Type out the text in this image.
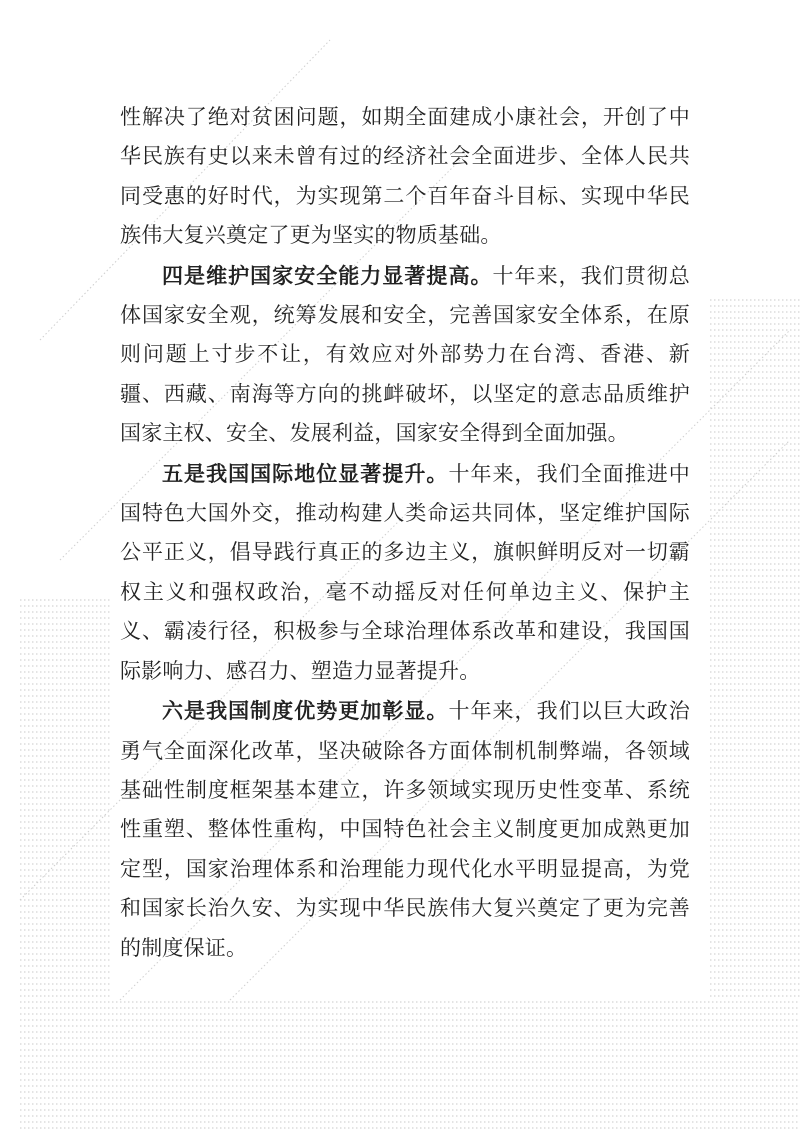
性解决了绝对贫困问题，如期全面建成小康社会，开创了中华民族有史以来未曾有过的经济社会全面进步、全体人民共同受惠的好时代，为实现第二个百年奋斗目标、实现中华民族伟大复兴奠定了更为坚实的物质基础。

四是维护国家安全能力显著提高。十年来，我们贯彻总体国家安全观，统筹发展和安全，完善国家安全体系，在原则问题上寸步不让，有效应对外部势力在台湾、香港、新疆、西藏、南海等方向的挑衅破坏，以坚定的意志品质维护国家主权、安全、发展利益，国家安全得到全面加强。

五是我国国际地位显著提升。十年来，我们全面推进中国特色大国外交，推动构建人类命运共同体，坚定维护国际公平正义，倡导践行真正的多边主义，旗帜鲜明反对一切霸权主义和强权政治，毫不动摇反对任何单边主义、保护主义、霸凌行径，积极参与全球治理体系改革和建设，我国国际影响力、感召力、塑造力显著提升。

六是我国制度优势更加彰显。十年来，我们以巨大政治勇气全面深化改革，坚决破除各方面体制机制弊端，各领域基础性制度框架基本建立，许多领域实现历史性变革、系统性重塑、整体性重构，中国特色社会主义制度更加成熟更加定型，国家治理体系和治理能力现代化水平明显提高，为党和国家长治久安、为实现中华民族伟大复兴奠定了更为完善的制度保证。
